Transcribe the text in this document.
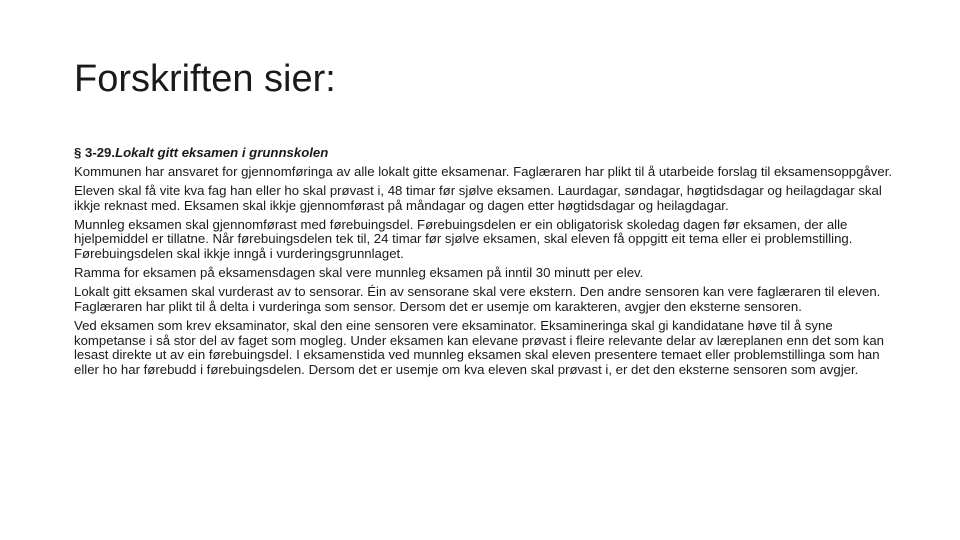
Forskriften sier:

§ 3-29.Lokalt gitt eksamen i grunnskolen

Kommunen har ansvaret for gjennomføringa av alle lokalt gitte eksamenar. Faglæraren har plikt til å utarbeide forslag til eksamensoppgåver.

Eleven skal få vite kva fag han eller ho skal prøvast i, 48 timar før sjølve eksamen. Laurdagar, søndagar, høgtidsdagar og heilagdagar skal ikkje reknast med. Eksamen skal ikkje gjennomførast på måndagar og dagen etter høgtidsdagar og heilagdagar.

Munnleg eksamen skal gjennomførast med førebuingsdel. Førebuingsdelen er ein obligatorisk skoledag dagen før eksamen, der alle hjelpemiddel er tillatne. Når førebuingsdelen tek til, 24 timar før sjølve eksamen, skal eleven få oppgitt eit tema eller ei problemstilling. Førebuingsdelen skal ikkje inngå i vurderingsgrunnlaget.

Ramma for eksamen på eksamensdagen skal vere munnleg eksamen på inntil 30 minutt per elev.

Lokalt gitt eksamen skal vurderast av to sensorar. Éin av sensorane skal vere ekstern. Den andre sensoren kan vere faglæraren til eleven. Faglæraren har plikt til å delta i vurderinga som sensor. Dersom det er usemje om karakteren, avgjer den eksterne sensoren.

Ved eksamen som krev eksaminator, skal den eine sensoren vere eksaminator. Eksamineringa skal gi kandidatane høve til å syne kompetanse i så stor del av faget som mogleg. Under eksamen kan elevane prøvast i fleire relevante delar av læreplanen enn det som kan lesast direkte ut av ein førebuingsdel. I eksamenstida ved munnleg eksamen skal eleven presentere temaet eller problemstillinga som han eller ho har førebudd i førebuingsdelen. Dersom det er usemje om kva eleven skal prøvast i, er det den eksterne sensoren som avgjer.
